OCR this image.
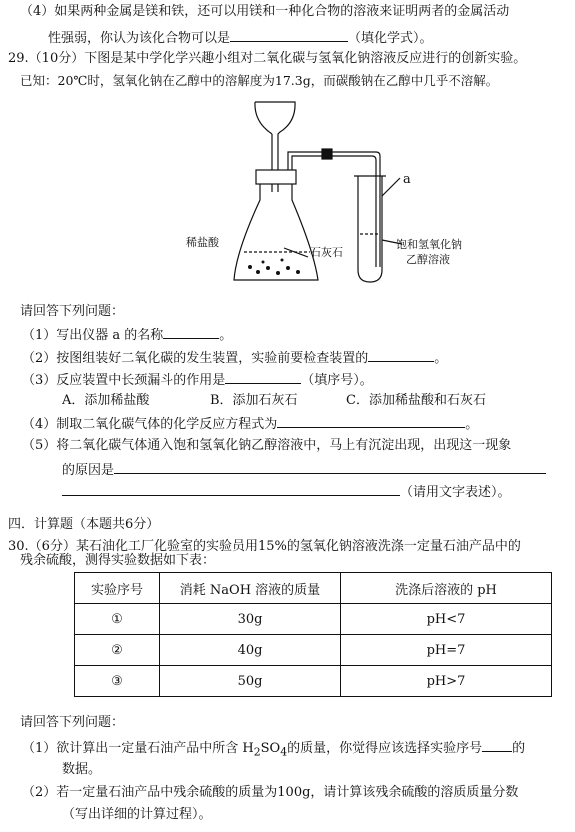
（4）如果两种金属是镁和铁，还可以用镁和一种化合物的溶液来证明两者的金属活动
性强弱，你认为该化合物可以是	（填化学式）。
29.（10分）下图是某中学化学兴趣小组对二氧化碳与氢氧化钠溶液反应进行的创新实验。
已知：20℃时，氢氧化钠在乙醇中的溶解度为17.3g，而碳酸钠在乙醇中几乎不溶解。
a
稀盐酸
石灰石
饱和氢氧化钠
乙醇溶液
请回答下列问题：
（1）写出仪器 a 的名称	。
（2）按图组装好二氧化碳的发生装置，实验前要检查装置的	。
（3）反应装置中长颈漏斗的作用是	（填序号）。
A．添加稀盐酸	B．添加石灰石	C．添加稀盐酸和石灰石
（4）制取二氧化碳气体的化学反应方程式为	。
（5）将二氧化碳气体通入饱和氢氧化钠乙醇溶液中，马上有沉淀出现，出现这一现象
的原因是
（请用文字表述）。
四．计算题（本题共6分）
30.（6分）某石油化工厂化验室的实验员用15%的氢氧化钠溶液洗涤一定量石油产品中的
残余硫酸，测得实验数据如下表：
实验序号	消耗 NaOH 溶液的质量	洗涤后溶液的 pH
①	30g	pH<7
②	40g	pH=7
③	50g	pH>7
请回答下列问题：
（1）欲计算出一定量石油产品中所含 $H_2SO_4$的质量，你觉得应该选择实验序号 的
数据。
（2）若一定量石油产品中残余硫酸的质量为100g，请计算该残余硫酸的溶质质量分数
（写出详细的计算过程）。
